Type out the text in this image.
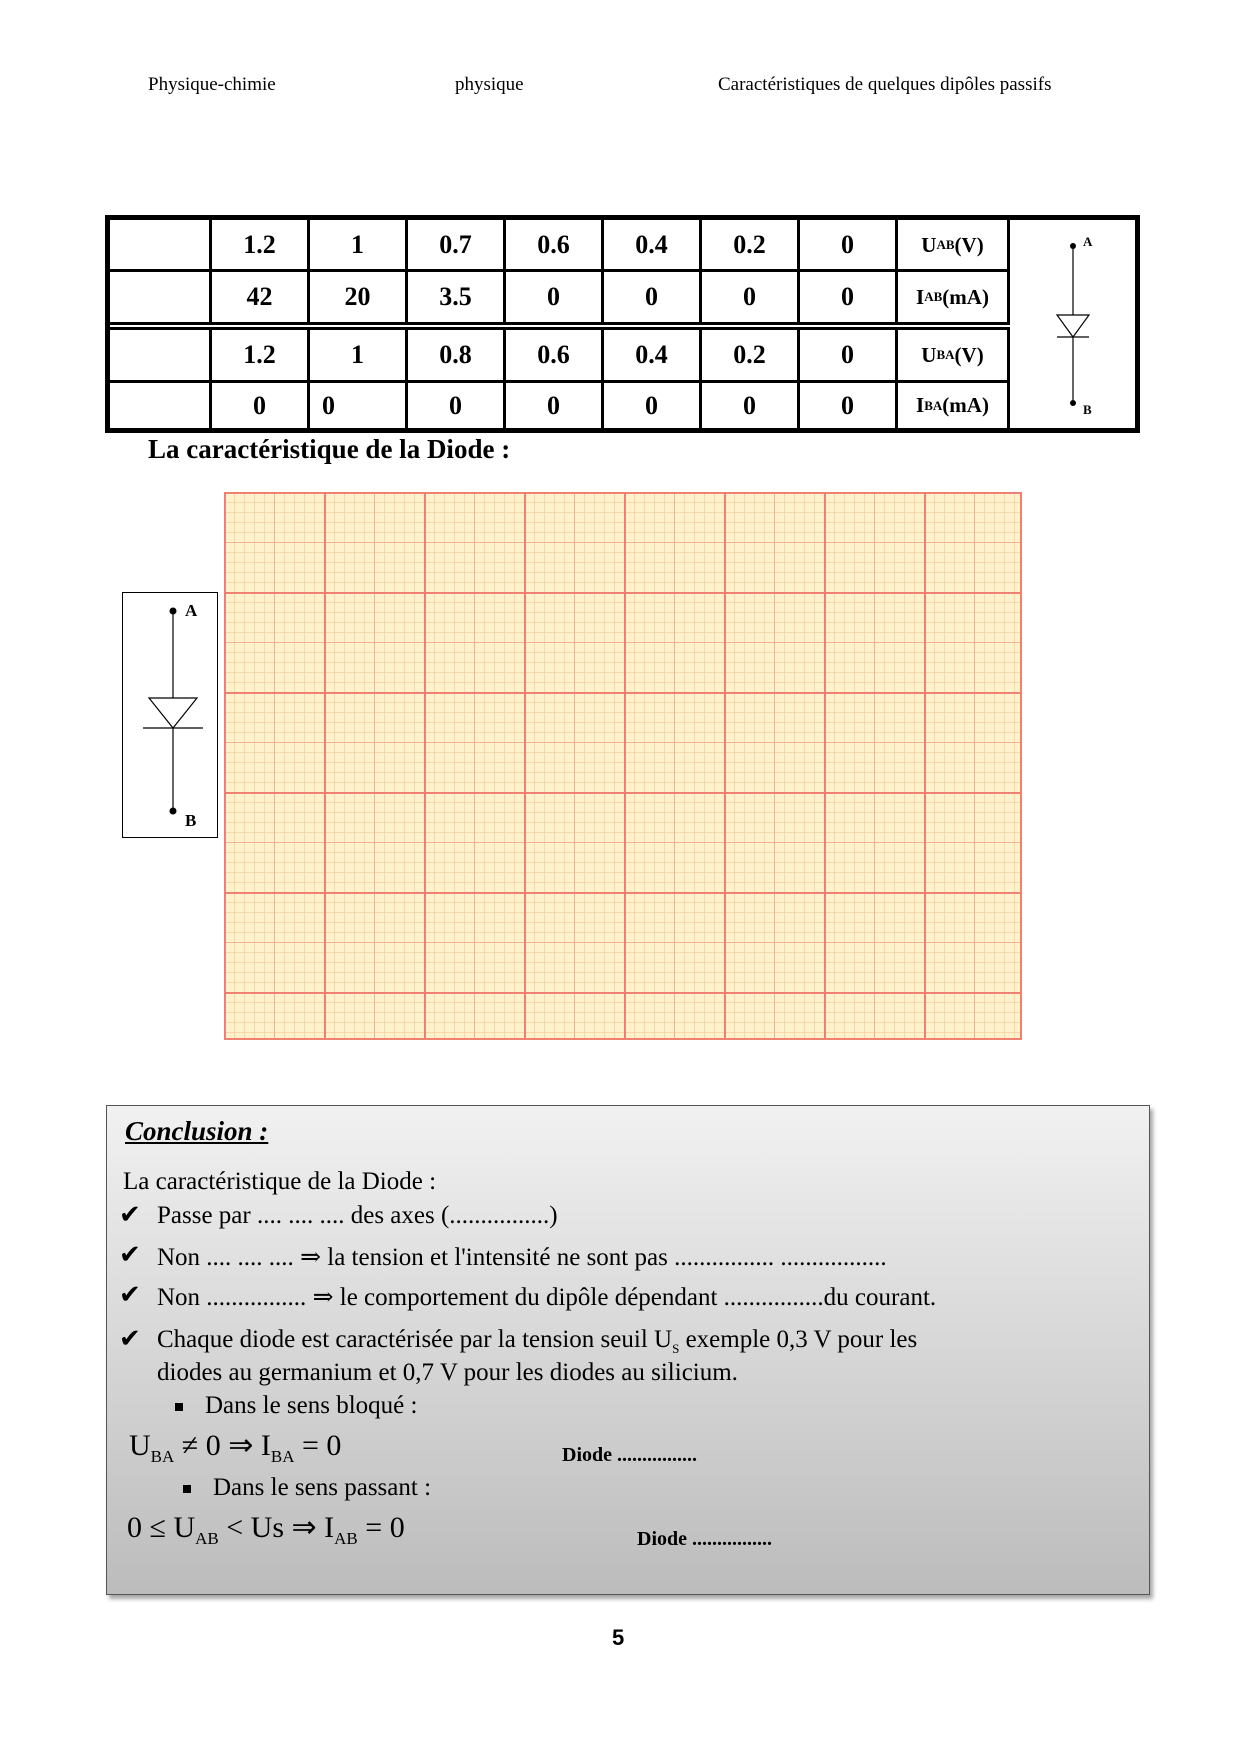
Physique-chimie	physique	Caractéristiques de quelques dipôles passifs
1.2	1	0.7	0.6	0.4	0.2	0	U AB (V)
42	20	3.5	0	0	0	0	I AB (mA)
1.2	1	0.8	0.6	0.4	0.2	0	U BA (V)
0	0	0	0	0	0	0	I BA (mA)
A
B
La caractéristique de la Diode :
A
B
Conclusion :
La caractéristique de la Diode :
✔ Passe par .... .... .... des axes (................)
✔ Non .... .... .... ⇒ la tension et l'intensité ne sont pas ................ .................
✔ Non ................ ⇒ le comportement du dipôle dépendant ................du courant.
✔ Chaque diode est caractérisée par la tension seuil $U_S$ exemple 0,3 V pour les
diodes au germanium et 0,7 V pour les diodes au silicium.
Dans le sens bloqué :
$U_{BA} \ne 0$ ⇒ $I_{BA} = 0$	Diode ................
Dans le sens passant :
$0 \le U_{AB} < Us$ ⇒ $I_{AB} = 0$	Diode ................
5
